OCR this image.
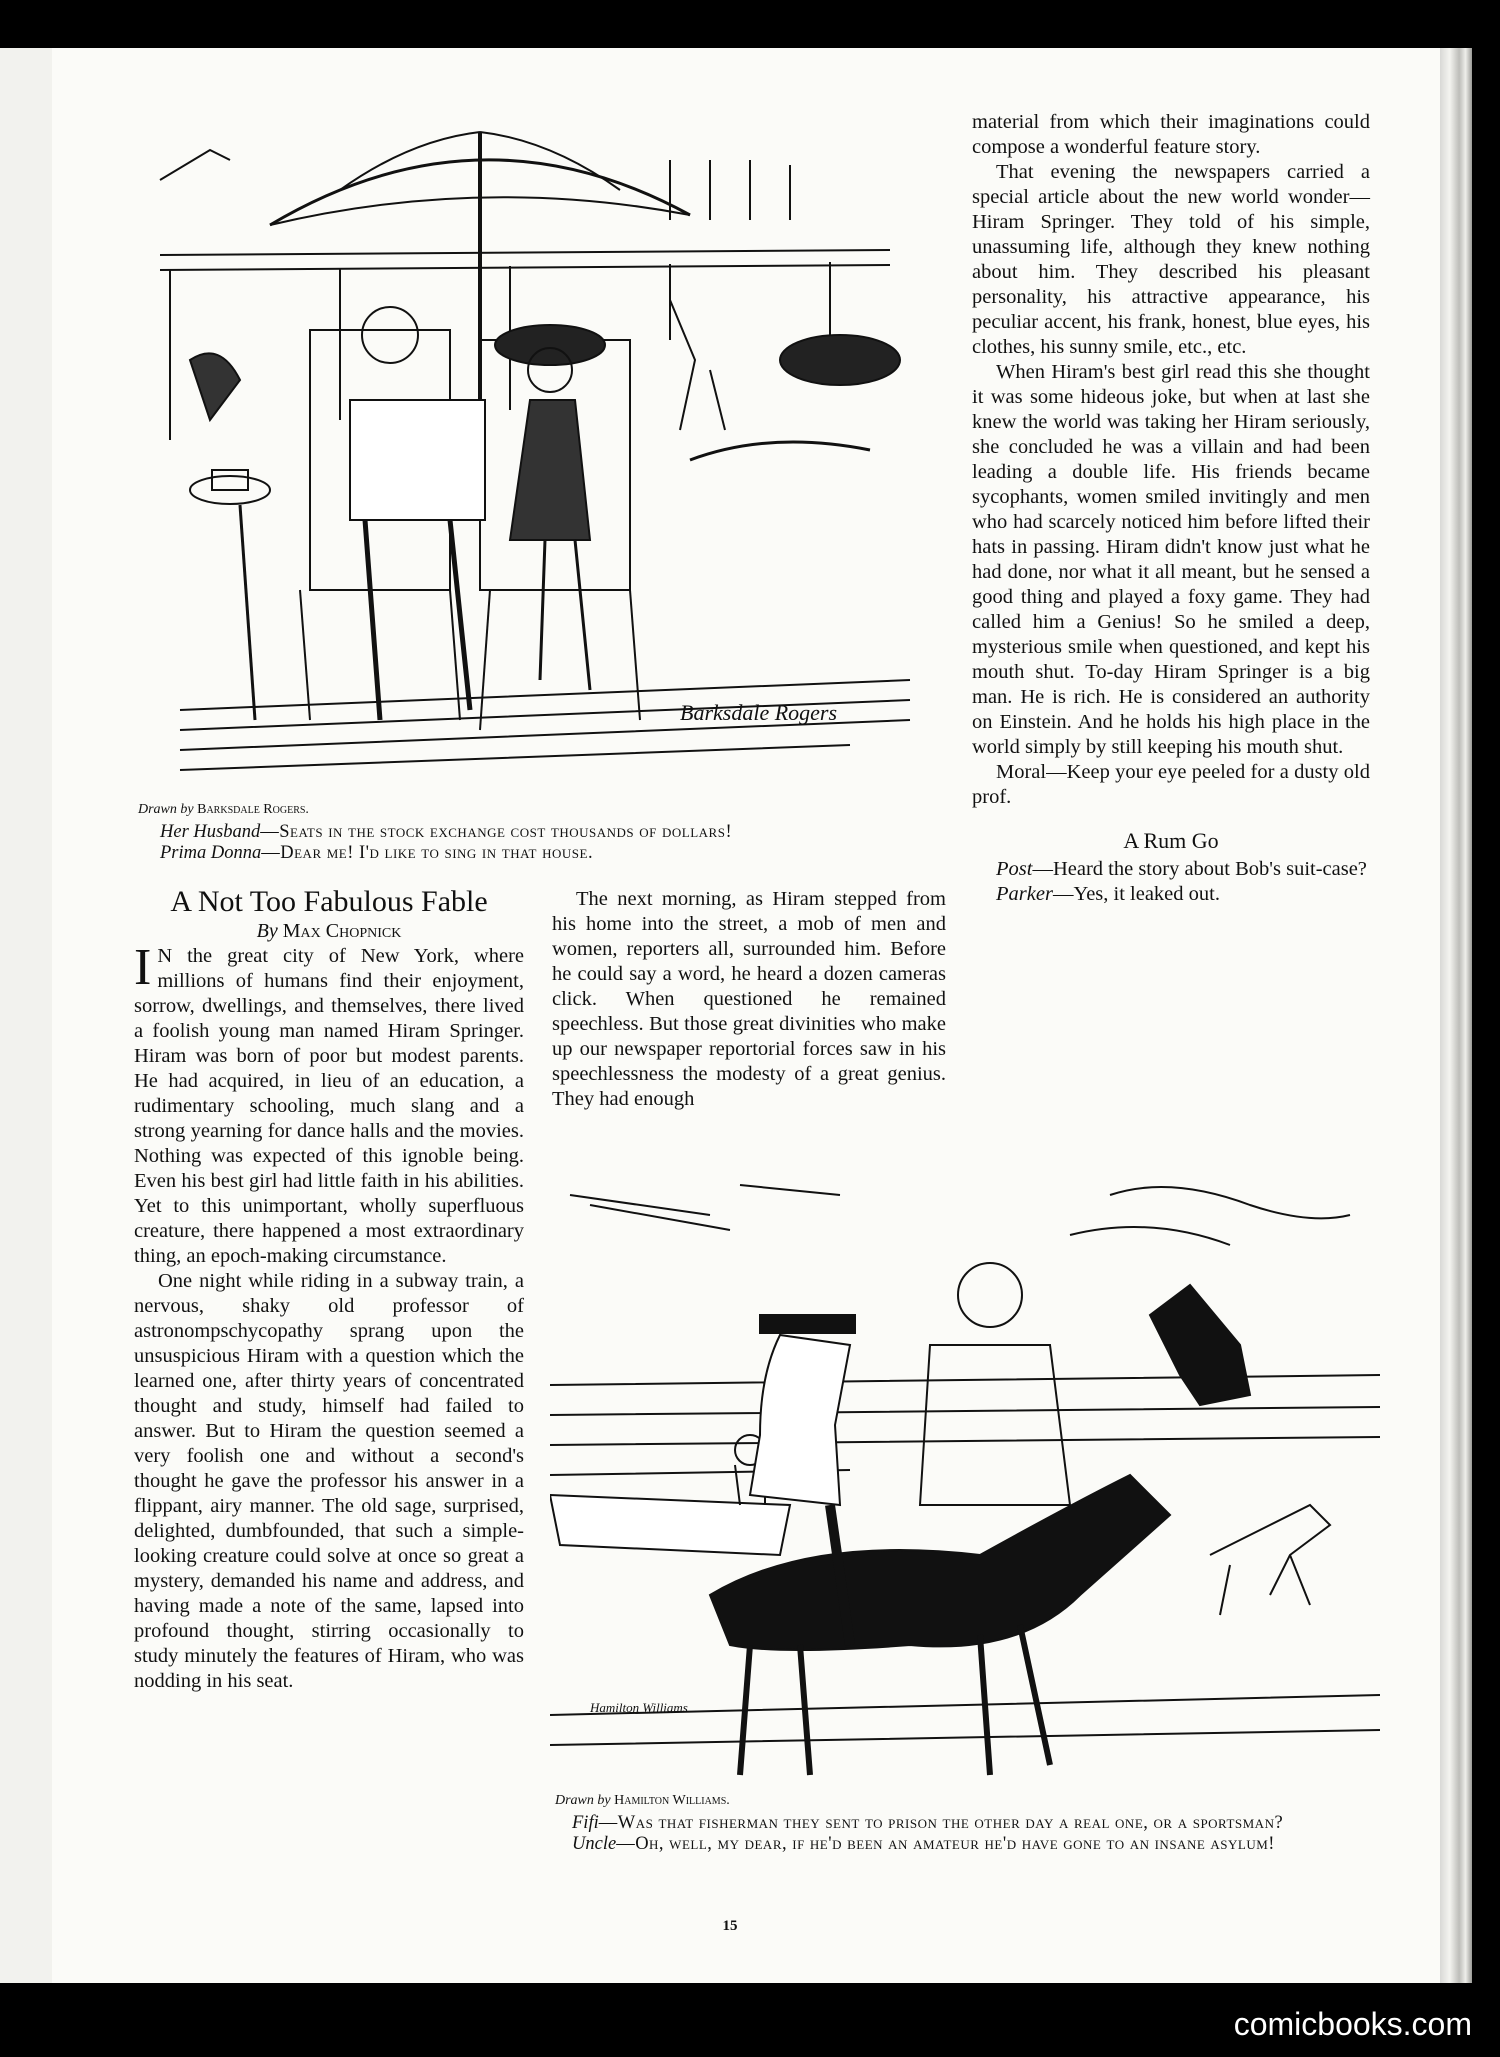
Barksdale Rogers
Drawn by Barksdale Rogers.
Her Husband—Seats in the stock exchange cost thousands of dollars!
Prima Donna—Dear me! I'd like to sing in that house.
A Not Too Fabulous Fable
By Max Chopnick

I N the great city of New York, where millions of humans find their enjoyment, sorrow, dwellings, and themselves, there lived a foolish young man named Hiram Springer. Hiram was born of poor but modest parents. He had acquired, in lieu of an education, a rudimentary schooling, much slang and a strong yearning for dance halls and the movies. Nothing was expected of this ignoble being. Even his best girl had little faith in his abilities. Yet to this unimportant, wholly superfluous creature, there happened a most extraordinary thing, an epoch-making circumstance.

One night while riding in a subway train, a nervous, shaky old professor of astronompschycopathy sprang upon the unsuspicious Hiram with a question which the learned one, after thirty years of concentrated thought and study, himself had failed to answer. But to Hiram the question seemed a very foolish one and without a second's thought he gave the professor his answer in a flippant, airy manner. The old sage, surprised, delighted, dumbfounded, that such a simple-looking creature could solve at once so great a mystery, demanded his name and address, and having made a note of the same, lapsed into profound thought, stirring occasionally to study minutely the features of Hiram, who was nodding in his seat.

The next morning, as Hiram stepped from his home into the street, a mob of men and women, reporters all, surrounded him. Before he could say a word, he heard a dozen cameras click. When questioned he remained speechless. But those great divinities who make up our newspaper reportorial forces saw in his speechlessness the modesty of a great genius. They had enough

material from which their imaginations could compose a wonderful feature story.

That evening the newspapers carried a special article about the new world wonder—Hiram Springer. They told of his simple, unassuming life, although they knew nothing about him. They described his pleasant personality, his attractive appearance, his peculiar accent, his frank, honest, blue eyes, his clothes, his sunny smile, etc., etc.

When Hiram's best girl read this she thought it was some hideous joke, but when at last she knew the world was taking her Hiram seriously, she concluded he was a villain and had been leading a double life. His friends became sycophants, women smiled invitingly and men who had scarcely noticed him before lifted their hats in passing. Hiram didn't know just what he had done, nor what it all meant, but he sensed a good thing and played a foxy game. They had called him a Genius! So he smiled a deep, mysterious smile when questioned, and kept his mouth shut. To-day Hiram Springer is a big man. He is rich. He is considered an authority on Einstein. And he holds his high place in the world simply by still keeping his mouth shut.

Moral—Keep your eye peeled for a dusty old prof.

A Rum Go

Post—Heard the story about Bob's suit-case?

Parker—Yes, it leaked out.

Hamilton Williams
Drawn by Hamilton Williams.
Fifi—Was that fisherman they sent to prison the other day a real one, or a sportsman?
Uncle—Oh, well, my dear, if he'd been an amateur he'd have gone to an insane asylum!
15
comicbooks.com
